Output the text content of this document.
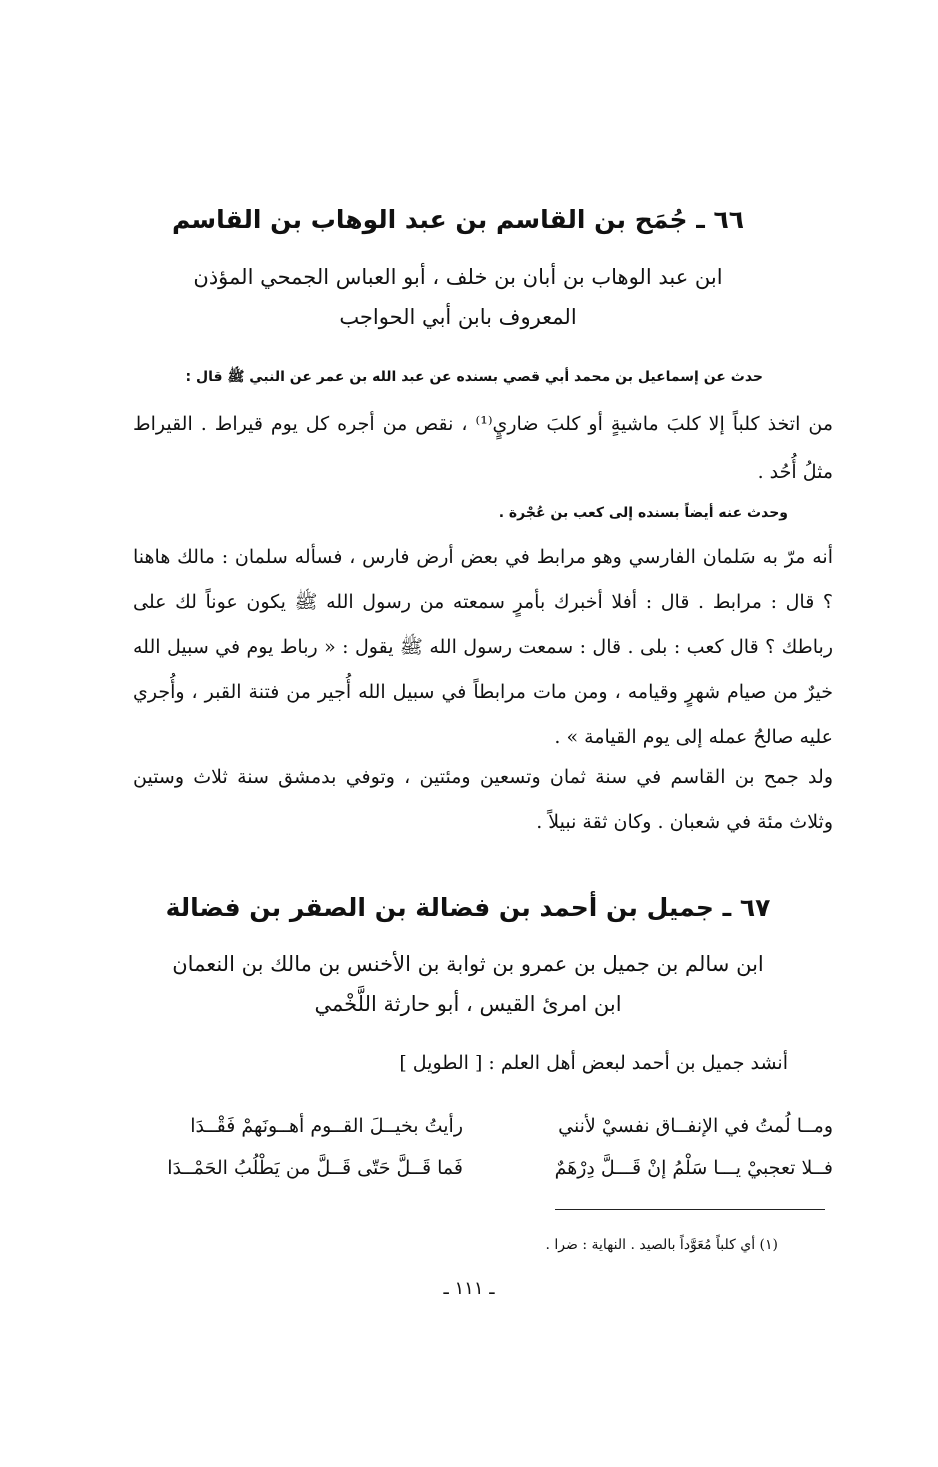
٦٦ ـ جُمَح بن القاسم بن عبد الوهاب بن القاسم
ابن عبد الوهاب بن أبان بن خلف ، أبو العباس الجمحي المؤذن
المعروف بابن أبي الحواجب
حدث عن إسماعيل بن محمد أبي قصي بسنده عن عبد الله بن عمر عن النبي ﷺ قال :
من اتخذ كلباً إلا كلبَ ماشيةٍ أو كلبَ ضاريٍ⁽¹⁾ ، نقص من أجره كل يوم قيراط . القيراط مثلُ أُحُد .
وحدث عنه أيضاً بسنده إلى كعب بن عُجْرة .
أنه مرّ به سَلمان الفارسي وهو مرابط في بعض أرض فارس ، فسأله سلمان : مالك هاهنا ؟ قال : مرابط . قال : أفلا أخبرك بأمرٍ سمعته من رسول الله ﷺ يكون عوناً لك على رباطك ؟ قال كعب : بلى . قال : سمعت رسول الله ﷺ يقول : « رباط يوم في سبيل الله خيرٌ من صيام شهرٍ وقيامه ، ومن مات مرابطاً في سبيل الله أُجير من فتنة القبر ، وأُجري عليه صالحُ عمله إلى يوم القيامة » .
ولد جمح بن القاسم في سنة ثمان وتسعين ومئتين ، وتوفي بدمشق سنة ثلاث وستين وثلاث مئة في شعبان . وكان ثقة نبيلاً .
٦٧ ـ جميل بن أحمد بن فضالة بن الصقر بن فضالة
ابن سالم بن جميل بن عمرو بن ثوابة بن الأخنس بن مالك بن النعمان
ابن امرئ القيس ، أبو حارثة اللَّخْمي
أنشد جميل بن أحمد لبعض أهل العلم : [ الطويل ]
ومــا لُمتُ في الإنفــاق نفسيْ لأنني
رأيتُ بخيــلَ القــوم أهــونَهمْ فَقْــدَا
فــلا تعجبيْ يـــا سَلْمُ إنْ قَـــلَّ دِرْهَمٌ
فَما قَــلَّ حَتّى قَــلَّ من يَطْلُبُ الحَمْــدَا
(١) أي كلباً مُعَوَّداً بالصيد . النهاية : ضرا .
ـ ١١١ ـ
